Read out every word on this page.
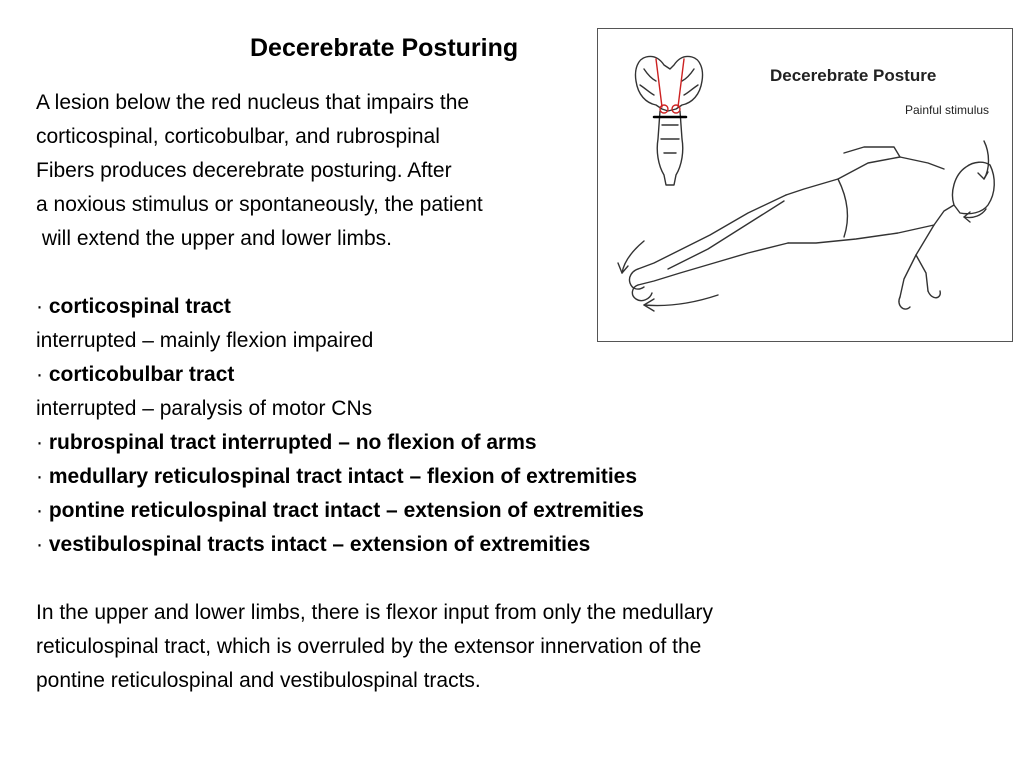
Decerebrate Posturing
A lesion below the red nucleus that impairs the
corticospinal, corticobulbar, and rubrospinal
Fibers produces decerebrate posturing. After
a noxious stimulus or spontaneously, the patient
will extend the upper and lower limbs.
· corticospinal tract
interrupted – mainly flexion impaired
· corticobulbar tract
interrupted – paralysis of motor CNs
· rubrospinal tract interrupted – no flexion of arms
· medullary reticulospinal tract intact – flexion of extremities
· pontine reticulospinal tract intact – extension of extremities
· vestibulospinal tracts intact – extension of extremities
In the upper and lower limbs, there is flexor input from only the medullary
reticulospinal tract, which is overruled by the extensor innervation of the
pontine reticulospinal and vestibulospinal tracts.
Decerebrate Posture
Painful stimulus
